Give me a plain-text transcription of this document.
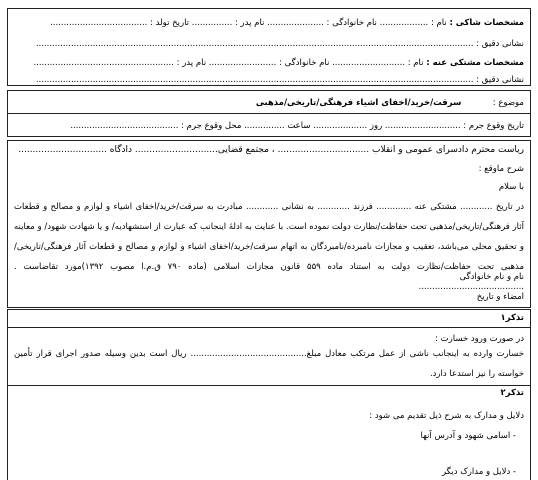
مشخصات شاکی : نام : .................. نام خانوادگی : ..................... نام پدر : ............... تاریخ تولد : ....................................
نشانی دقیق : ..................................................................................................................................................................
مشخصات مشتکی عنه : نام : ........................... نام خانوادگی : ......................... نام پدر : ....................................................
نشانی دقیق : ..................................................................................................................................................................
موضوع :  سرقت/خرید/اخفای اشیاء فرهنگی/تاریخی/مذهبی
تاریخ وقوع جرم : ............................ روز .................... ساعت ............... محل وقوع جرم : ........................................
ریاست محترم دادسرای عمومی و انقلاب ................................ ، مجتمع قضایی............................. دادگاه ...............................
شرح ماوقع :
با سلام
در تاریخ ............ مشتکی عنه ............. فرزند ............ به نشانی ............ مبادرت به سرقت/خرید/اخفای اشیاء و لوازم و مصالح و قطعات آثار فرهنگی/تاریخی/مذهبی تحت حفاظت/نظارت دولت نموده است. با عنایت به ادلهٔ اینجانب که عبارت از استشهادیه/ و یا شهادت شهود/ و معاینه و تحقیق محلی می‌باشد، تعقیب و مجازات نامبرده/نامبردگان به اتهام سرقت/خرید/اخفای اشیاء و لوازم و مصالح و قطعات آثار فرهنگی/تاریخی/مذهبی تحت حفاظت/نظارت دولت به استناد ماده ۵۵۹ قانون مجازات اسلامی (ماده ۷۹۰ ق.م.ا مصوب ۱۳۹۲)مورد تقاضاست . .......................................
نام و نام خانوادگی
امضاء و تاریخ
تذکر۱
در صورت ورود خسارت :
خسارت وارده به اینجانب ناشی از عمل مرتکب معادل مبلغ........................................... ریال است بدین وسیله صدور اجرای قرار تأمین خواسته را نیز استدعا دارد.
تذکر۲
دلایل و مدارک به شرح ذیل تقدیم می شود :
- اسامی شهود و آدرس آنها
- دلایل و مدارک دیگر
